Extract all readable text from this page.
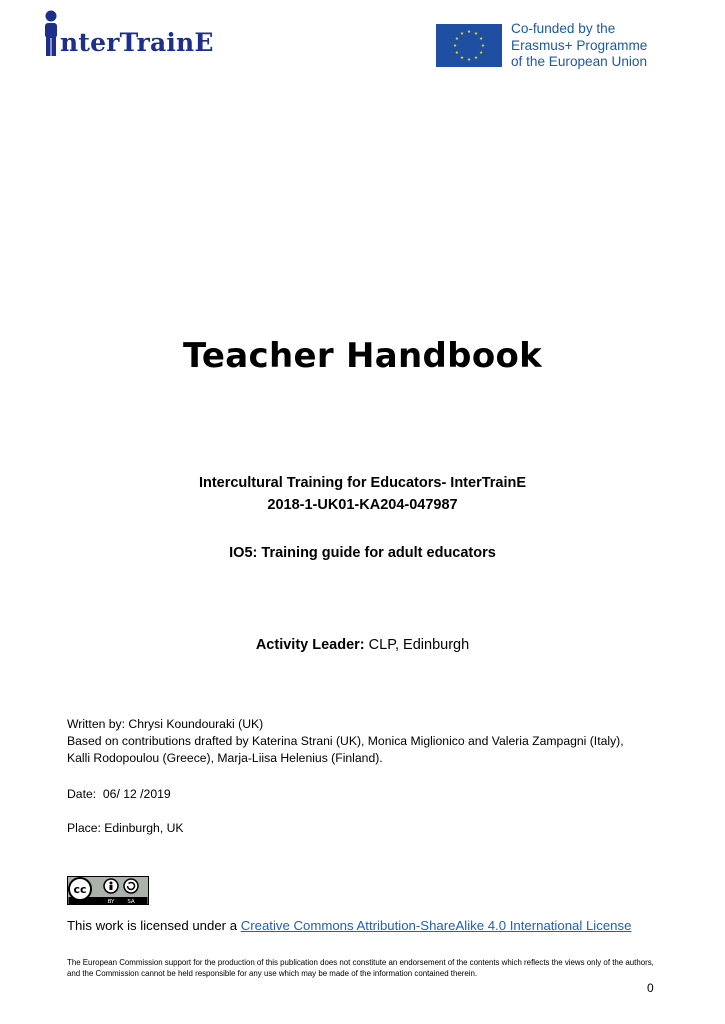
nterTrainE	Co-funded by the
Erasmus+ Programme
of the European Union
Teacher Handbook
Intercultural Training for Educators- InterTrainE
2018-1-UK01-KA204-047987
IO5: Training guide for adult educators
Activity Leader: CLP, Edinburgh
Written by: Chrysi Koundouraki (UK)
Based on contributions drafted by Katerina Strani (UK), Monica Miglionico and Valeria Zampagni (Italy),
Kalli Rodopoulou (Greece), Marja-Liisa Helenius (Finland).
Date:  06/ 12 /2019
Place: Edinburgh, UK
cc
BY SA
This work is licensed under a Creative Commons Attribution-ShareAlike 4.0 International License
The European Commission support for the production of this publication does not constitute an endorsement of the contents which reflects the views only of the authors, and the Commission cannot be held responsible for any use which may be made of the information contained therein.
0
